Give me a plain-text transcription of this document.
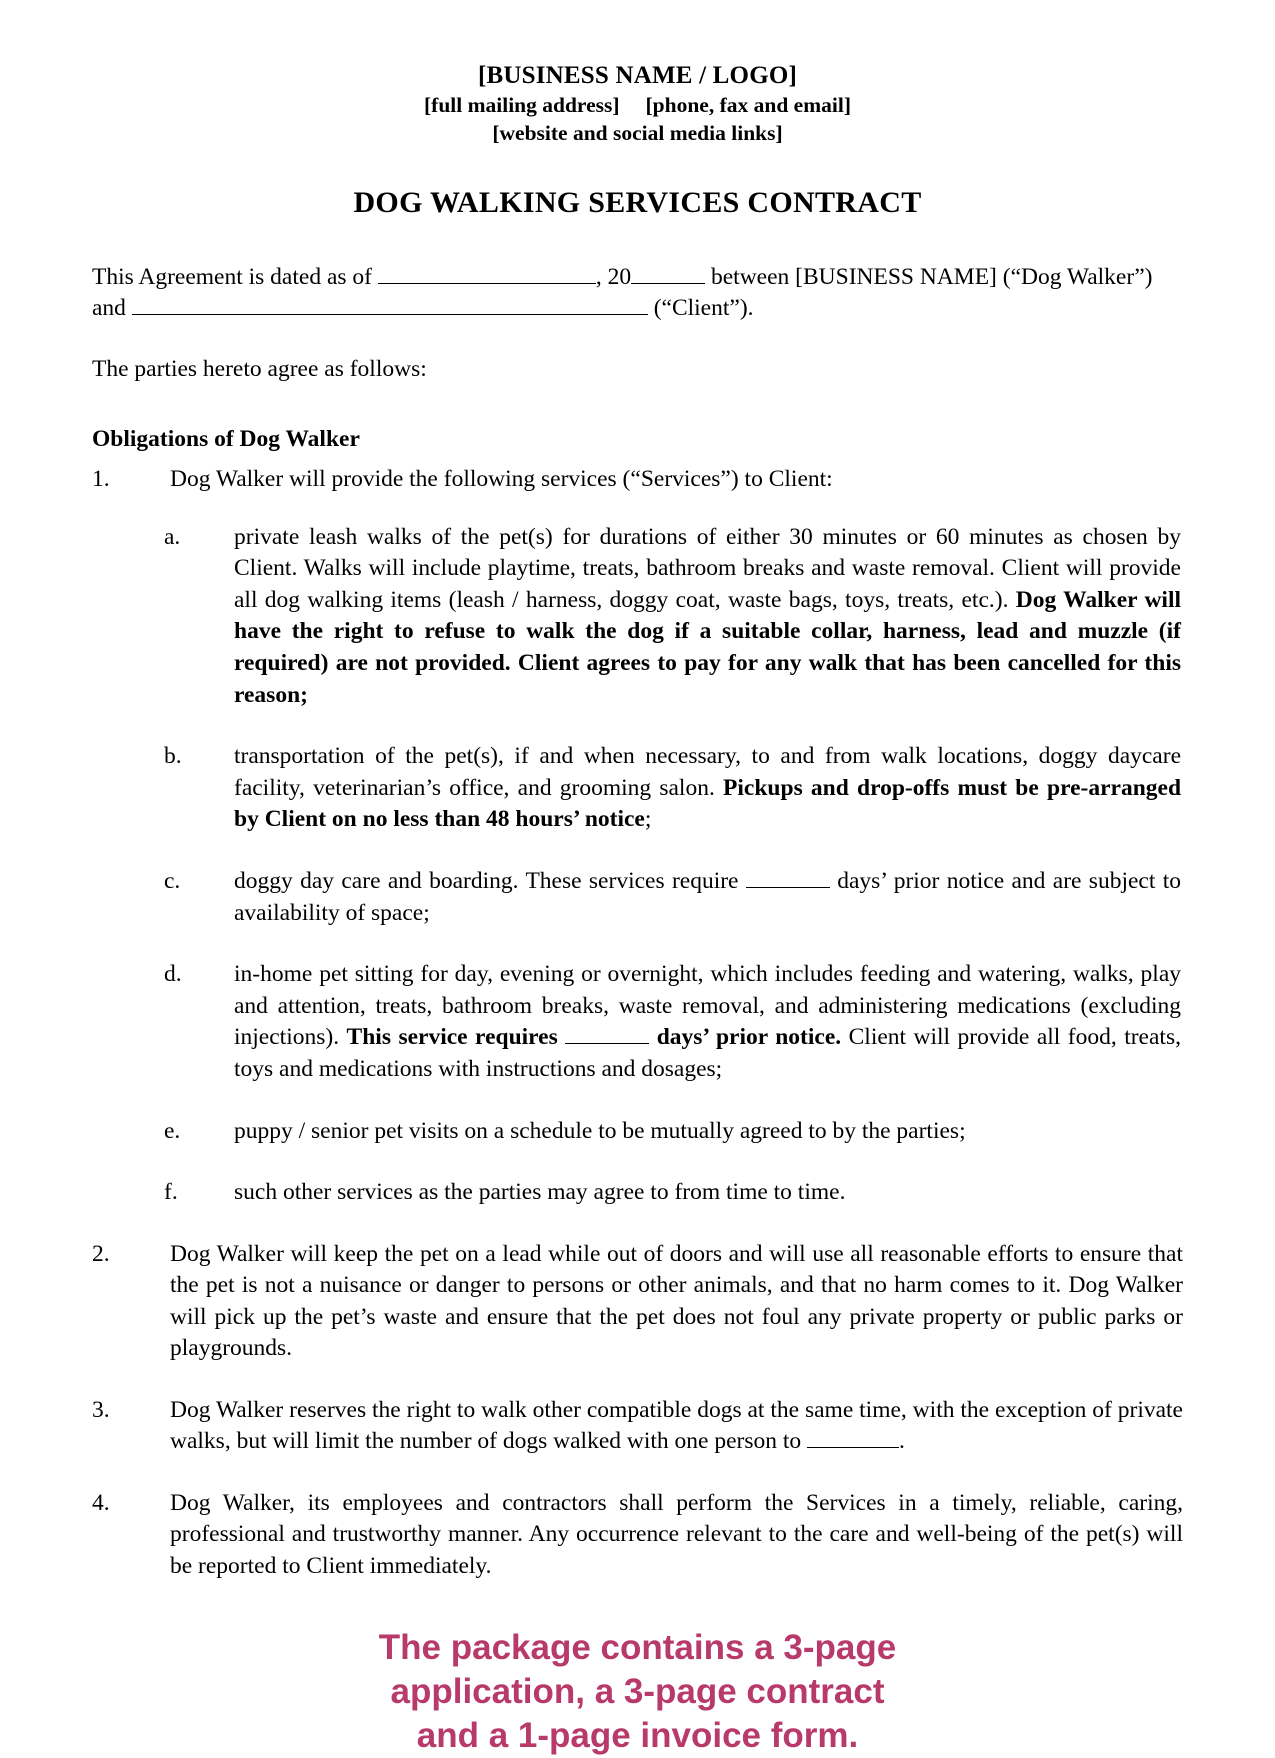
[BUSINESS NAME / LOGO]
[full mailing address] [phone, fax and email]
[website and social media links]
DOG WALKING SERVICES CONTRACT

This Agreement is dated as of	, 20	between [BUSINESS NAME] (“Dog Walker”) and	(“Client”).

The parties hereto agree as follows:

Obligations of Dog Walker
1.	Dog Walker will provide the following services (“Services”) to Client:
a.	private leash walks of the pet(s) for durations of either 30 minutes or 60 minutes as chosen by Client. Walks will include playtime, treats, bathroom breaks and waste removal. Client will provide all dog walking items (leash / harness, doggy coat, waste bags, toys, treats, etc.). Dog Walker will have the right to refuse to walk the dog if a suitable collar, harness, lead and muzzle (if required) are not provided. Client agrees to pay for any walk that has been cancelled for this reason;
b.	transportation of the pet(s), if and when necessary, to and from walk locations, doggy daycare facility, veterinarian’s office, and grooming salon. Pickups and drop-offs must be pre-arranged by Client on no less than 48 hours’ notice;
c.	doggy day care and boarding. These services require	days’ prior notice and are subject to availability of space;
d.	in-home pet sitting for day, evening or overnight, which includes feeding and watering, walks, play and attention, treats, bathroom breaks, waste removal, and administering medications (excluding injections). This service requires	days’ prior notice. Client will provide all food, treats, toys and medications with instructions and dosages;
e.	puppy / senior pet visits on a schedule to be mutually agreed to by the parties;
f.	such other services as the parties may agree to from time to time.
2.	Dog Walker will keep the pet on a lead while out of doors and will use all reasonable efforts to ensure that the pet is not a nuisance or danger to persons or other animals, and that no harm comes to it. Dog Walker will pick up the pet’s waste and ensure that the pet does not foul any private property or public parks or playgrounds.
3.	Dog Walker reserves the right to walk other compatible dogs at the same time, with the exception of private walks, but will limit the number of dogs walked with one person to	.
4.	Dog Walker, its employees and contractors shall perform the Services in a timely, reliable, caring, professional and trustworthy manner. Any occurrence relevant to the care and well-being of the pet(s) will be reported to Client immediately.
The package contains a 3-page
application, a 3-page contract
and a 1-page invoice form.
